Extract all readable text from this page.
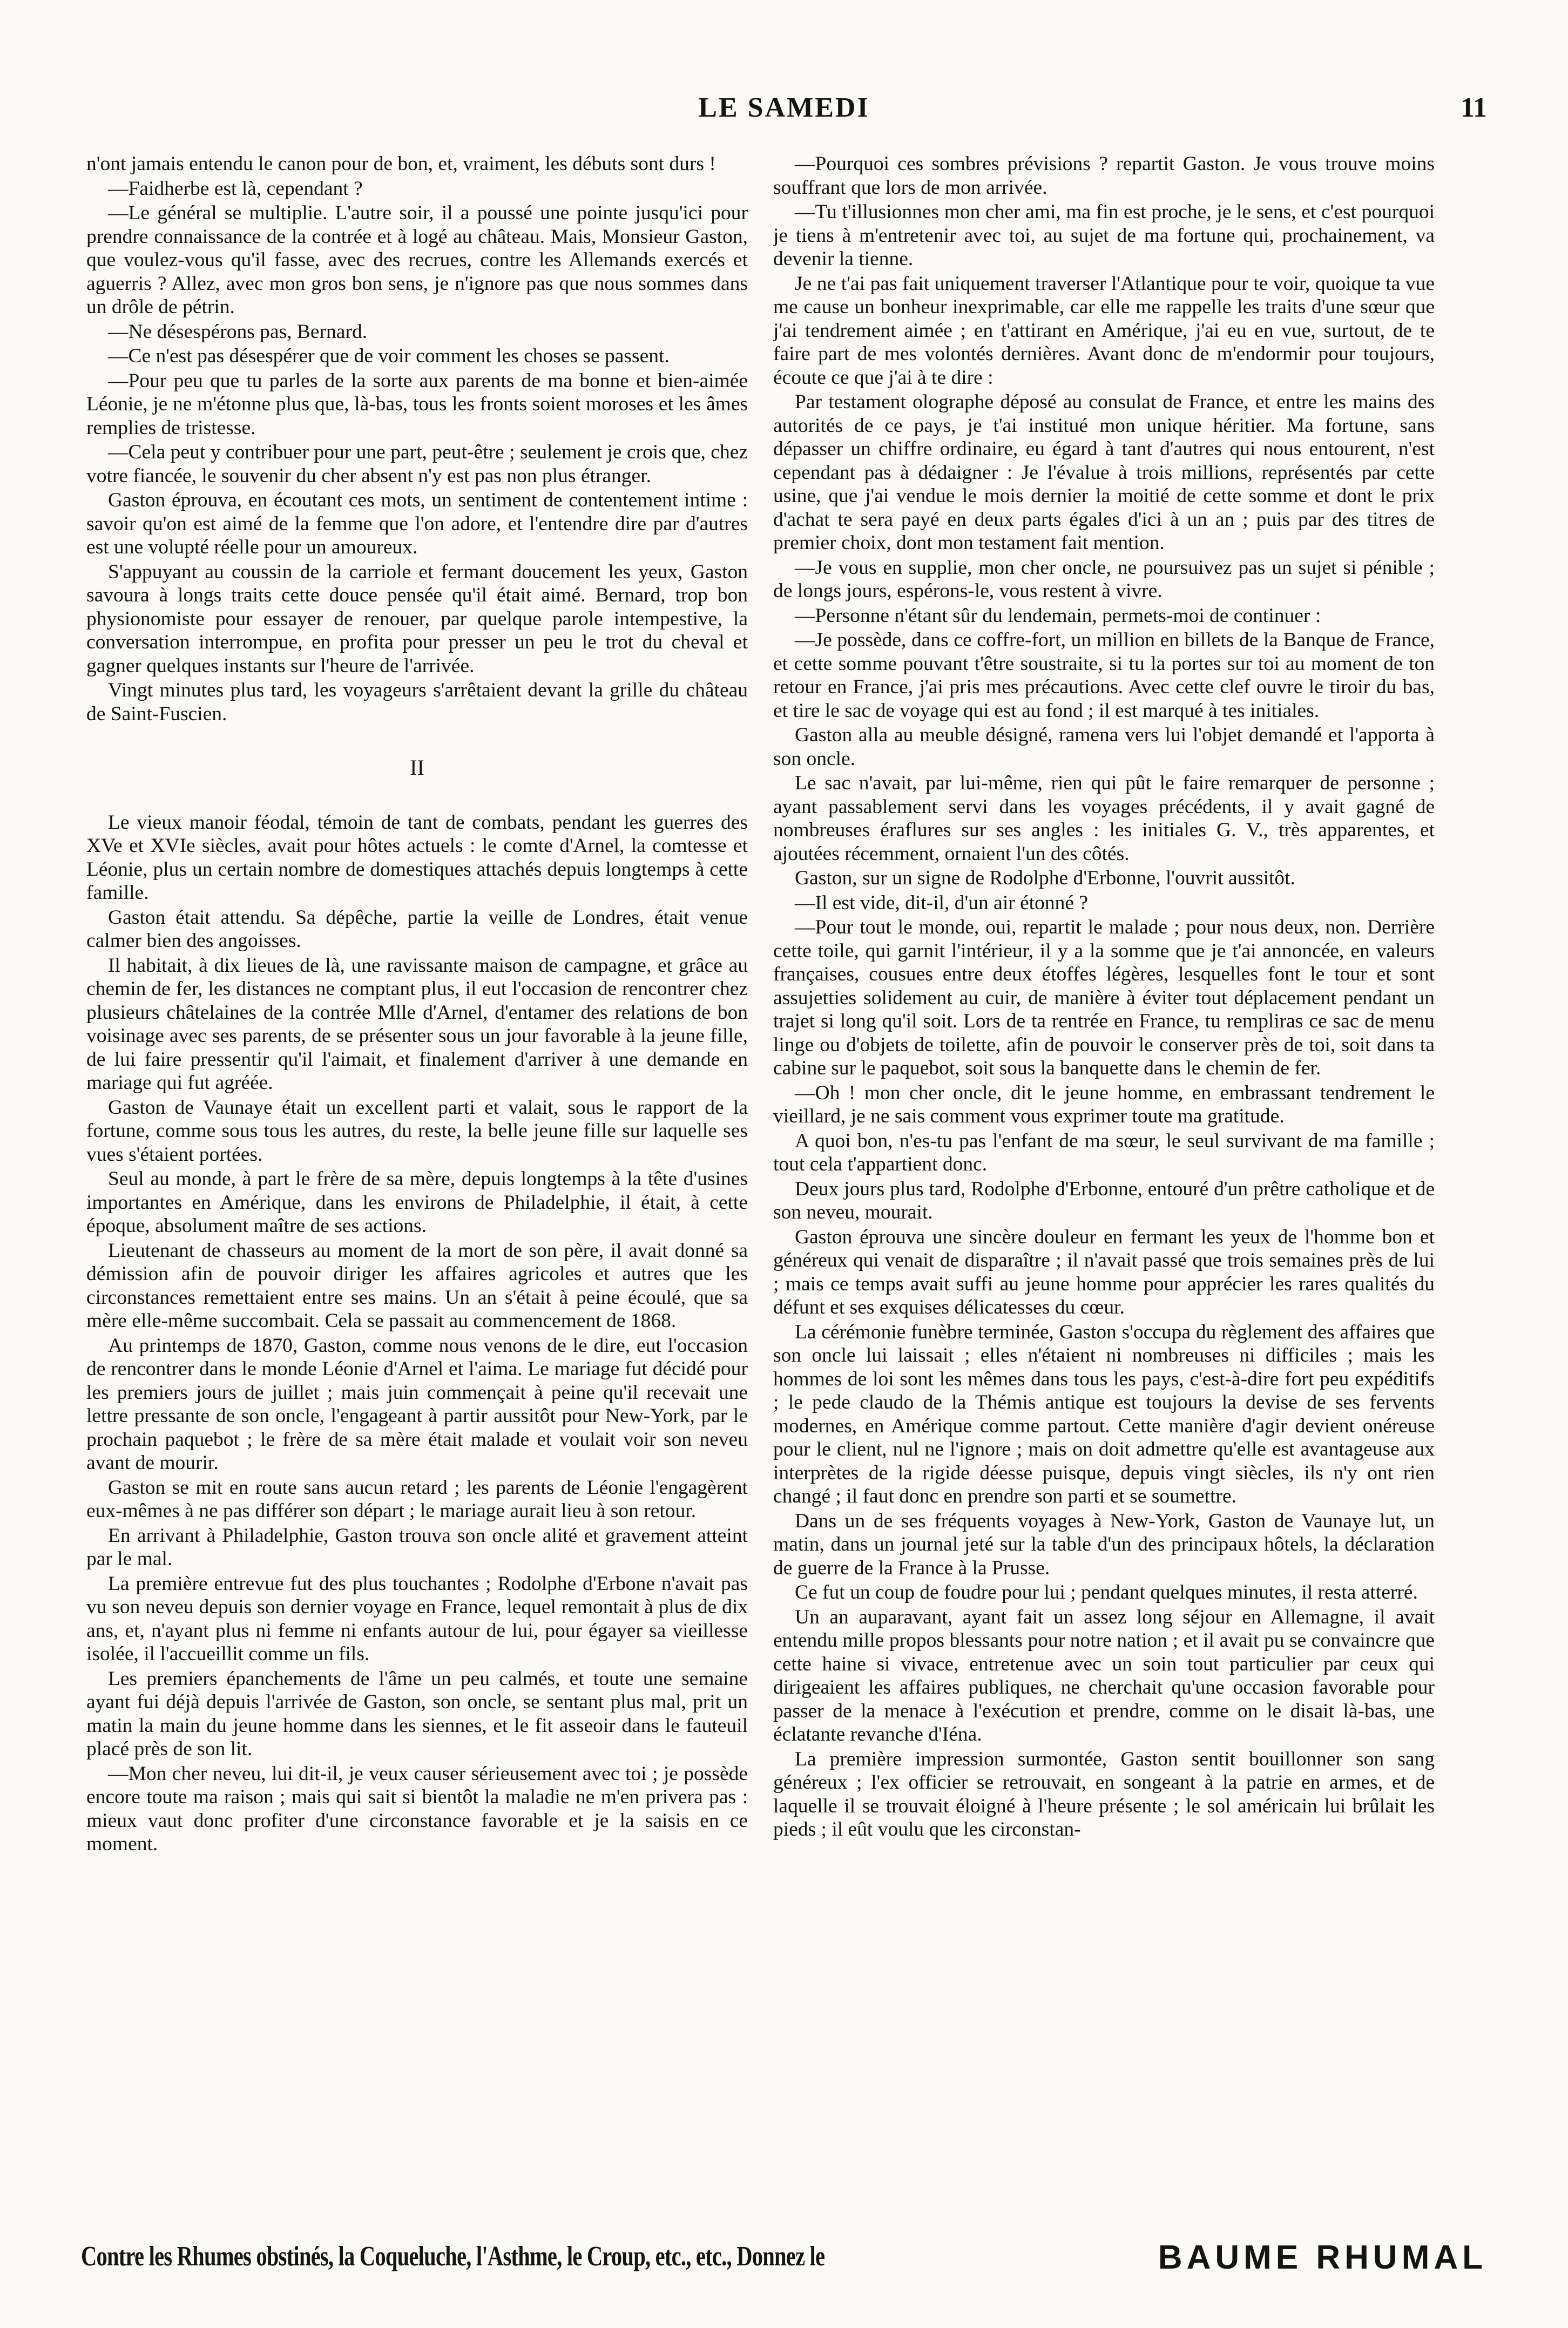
LE SAMEDI	11

n'ont jamais entendu le canon pour de bon, et, vraiment, les débuts sont durs !

—Faidherbe est là, cependant ?

—Le général se multiplie. L'autre soir, il a poussé une pointe jusqu'ici pour prendre connaissance de la contrée et à logé au château. Mais, Monsieur Gaston, que voulez-vous qu'il fasse, avec des recrues, contre les Allemands exercés et aguerris ? Allez, avec mon gros bon sens, je n'ignore pas que nous sommes dans un drôle de pétrin.

—Ne désespérons pas, Bernard.

—Ce n'est pas désespérer que de voir comment les choses se passent.

—Pour peu que tu parles de la sorte aux parents de ma bonne et bien-aimée Léonie, je ne m'étonne plus que, là-bas, tous les fronts soient moroses et les âmes remplies de tristesse.

—Cela peut y contribuer pour une part, peut-être ; seulement je crois que, chez votre fiancée, le souvenir du cher absent n'y est pas non plus étranger.

Gaston éprouva, en écoutant ces mots, un sentiment de contentement intime : savoir qu'on est aimé de la femme que l'on adore, et l'entendre dire par d'autres est une volupté réelle pour un amoureux.

S'appuyant au coussin de la carriole et fermant doucement les yeux, Gaston savoura à longs traits cette douce pensée qu'il était aimé. Bernard, trop bon physionomiste pour essayer de renouer, par quelque parole intempestive, la conversation interrompue, en profita pour presser un peu le trot du cheval et gagner quelques instants sur l'heure de l'arrivée.

Vingt minutes plus tard, les voyageurs s'arrêtaient devant la grille du château de Saint-Fuscien.

II

Le vieux manoir féodal, témoin de tant de combats, pendant les guerres des XVe et XVIe siècles, avait pour hôtes actuels : le comte d'Arnel, la comtesse et Léonie, plus un certain nombre de domestiques attachés depuis longtemps à cette famille.

Gaston était attendu. Sa dépêche, partie la veille de Londres, était venue calmer bien des angoisses.

Il habitait, à dix lieues de là, une ravissante maison de campagne, et grâce au chemin de fer, les distances ne comptant plus, il eut l'occasion de rencontrer chez plusieurs châtelaines de la contrée Mlle d'Arnel, d'entamer des relations de bon voisinage avec ses parents, de se présenter sous un jour favorable à la jeune fille, de lui faire pressentir qu'il l'aimait, et finalement d'arriver à une demande en mariage qui fut agréée.

Gaston de Vaunaye était un excellent parti et valait, sous le rapport de la fortune, comme sous tous les autres, du reste, la belle jeune fille sur laquelle ses vues s'étaient portées.

Seul au monde, à part le frère de sa mère, depuis longtemps à la tête d'usines importantes en Amérique, dans les environs de Philadelphie, il était, à cette époque, absolument maître de ses actions.

Lieutenant de chasseurs au moment de la mort de son père, il avait donné sa démission afin de pouvoir diriger les affaires agricoles et autres que les circonstances remettaient entre ses mains. Un an s'était à peine écoulé, que sa mère elle-même succombait. Cela se passait au commencement de 1868.

Au printemps de 1870, Gaston, comme nous venons de le dire, eut l'occasion de rencontrer dans le monde Léonie d'Arnel et l'aima. Le mariage fut décidé pour les premiers jours de juillet ; mais juin commençait à peine qu'il recevait une lettre pressante de son oncle, l'engageant à partir aussitôt pour New-York, par le prochain paquebot ; le frère de sa mère était malade et voulait voir son neveu avant de mourir.

Gaston se mit en route sans aucun retard ; les parents de Léonie l'engagèrent eux-mêmes à ne pas différer son départ ; le mariage aurait lieu à son retour.

En arrivant à Philadelphie, Gaston trouva son oncle alité et gravement atteint par le mal.

La première entrevue fut des plus touchantes ; Rodolphe d'Erbone n'avait pas vu son neveu depuis son dernier voyage en France, lequel remontait à plus de dix ans, et, n'ayant plus ni femme ni enfants autour de lui, pour égayer sa vieillesse isolée, il l'accueillit comme un fils.

Les premiers épanchements de l'âme un peu calmés, et toute une semaine ayant fui déjà depuis l'arrivée de Gaston, son oncle, se sentant plus mal, prit un matin la main du jeune homme dans les siennes, et le fit asseoir dans le fauteuil placé près de son lit.

—Mon cher neveu, lui dit-il, je veux causer sérieusement avec toi ; je possède encore toute ma raison ; mais qui sait si bientôt la maladie ne m'en privera pas : mieux vaut donc profiter d'une circonstance favorable et je la saisis en ce moment.

—Pourquoi ces sombres prévisions ? repartit Gaston. Je vous trouve moins souffrant que lors de mon arrivée.

—Tu t'illusionnes mon cher ami, ma fin est proche, je le sens, et c'est pourquoi je tiens à m'entretenir avec toi, au sujet de ma fortune qui, prochainement, va devenir la tienne.

Je ne t'ai pas fait uniquement traverser l'Atlantique pour te voir, quoique ta vue me cause un bonheur inexprimable, car elle me rappelle les traits d'une sœur que j'ai tendrement aimée ; en t'attirant en Amérique, j'ai eu en vue, surtout, de te faire part de mes volontés dernières. Avant donc de m'endormir pour toujours, écoute ce que j'ai à te dire :

Par testament olographe déposé au consulat de France, et entre les mains des autorités de ce pays, je t'ai institué mon unique héritier. Ma fortune, sans dépasser un chiffre ordinaire, eu égard à tant d'autres qui nous entourent, n'est cependant pas à dédaigner : Je l'évalue à trois millions, représentés par cette usine, que j'ai vendue le mois dernier la moitié de cette somme et dont le prix d'achat te sera payé en deux parts égales d'ici à un an ; puis par des titres de premier choix, dont mon testament fait mention.

—Je vous en supplie, mon cher oncle, ne poursuivez pas un sujet si pénible ; de longs jours, espérons-le, vous restent à vivre.

—Personne n'étant sûr du lendemain, permets-moi de continuer :

—Je possède, dans ce coffre-fort, un million en billets de la Banque de France, et cette somme pouvant t'être soustraite, si tu la portes sur toi au moment de ton retour en France, j'ai pris mes précautions. Avec cette clef ouvre le tiroir du bas, et tire le sac de voyage qui est au fond ; il est marqué à tes initiales.

Gaston alla au meuble désigné, ramena vers lui l'objet demandé et l'apporta à son oncle.

Le sac n'avait, par lui-même, rien qui pût le faire remarquer de personne ; ayant passablement servi dans les voyages précédents, il y avait gagné de nombreuses éraflures sur ses angles : les initiales G. V., très apparentes, et ajoutées récemment, ornaient l'un des côtés.

Gaston, sur un signe de Rodolphe d'Erbonne, l'ouvrit aussitôt.

—Il est vide, dit-il, d'un air étonné ?

—Pour tout le monde, oui, repartit le malade ; pour nous deux, non. Derrière cette toile, qui garnit l'intérieur, il y a la somme que je t'ai annoncée, en valeurs françaises, cousues entre deux étoffes légères, lesquelles font le tour et sont assujetties solidement au cuir, de manière à éviter tout déplacement pendant un trajet si long qu'il soit. Lors de ta rentrée en France, tu rempliras ce sac de menu linge ou d'objets de toilette, afin de pouvoir le conserver près de toi, soit dans ta cabine sur le paquebot, soit sous la banquette dans le chemin de fer.

—Oh ! mon cher oncle, dit le jeune homme, en embrassant tendrement le vieillard, je ne sais comment vous exprimer toute ma gratitude.

A quoi bon, n'es-tu pas l'enfant de ma sœur, le seul survivant de ma famille ; tout cela t'appartient donc.

Deux jours plus tard, Rodolphe d'Erbonne, entouré d'un prêtre catholique et de son neveu, mourait.

Gaston éprouva une sincère douleur en fermant les yeux de l'homme bon et généreux qui venait de disparaître ; il n'avait passé que trois semaines près de lui ; mais ce temps avait suffi au jeune homme pour apprécier les rares qualités du défunt et ses exquises délicatesses du cœur.

La cérémonie funèbre terminée, Gaston s'occupa du règlement des affaires que son oncle lui laissait ; elles n'étaient ni nombreuses ni difficiles ; mais les hommes de loi sont les mêmes dans tous les pays, c'est-à-dire fort peu expéditifs ; le pede claudo de la Thémis antique est toujours la devise de ses fervents modernes, en Amérique comme partout. Cette manière d'agir devient onéreuse pour le client, nul ne l'ignore ; mais on doit admettre qu'elle est avantageuse aux interprètes de la rigide déesse puisque, depuis vingt siècles, ils n'y ont rien changé ; il faut donc en prendre son parti et se soumettre.

Dans un de ses fréquents voyages à New-York, Gaston de Vaunaye lut, un matin, dans un journal jeté sur la table d'un des principaux hôtels, la déclaration de guerre de la France à la Prusse.

Ce fut un coup de foudre pour lui ; pendant quelques minutes, il resta atterré.

Un an auparavant, ayant fait un assez long séjour en Allemagne, il avait entendu mille propos blessants pour notre nation ; et il avait pu se convaincre que cette haine si vivace, entretenue avec un soin tout particulier par ceux qui dirigeaient les affaires publiques, ne cherchait qu'une occasion favorable pour passer de la menace à l'exécution et prendre, comme on le disait là-bas, une éclatante revanche d'Iéna.

La première impression surmontée, Gaston sentit bouillonner son sang généreux ; l'ex officier se retrouvait, en songeant à la patrie en armes, et de laquelle il se trouvait éloigné à l'heure présente ; le sol américain lui brûlait les pieds ; il eût voulu que les circonstan-

Contre les Rhumes obstinés, la Coqueluche, l'Asthme, le Croup, etc., etc., Donnez le	BAUME RHUMAL
